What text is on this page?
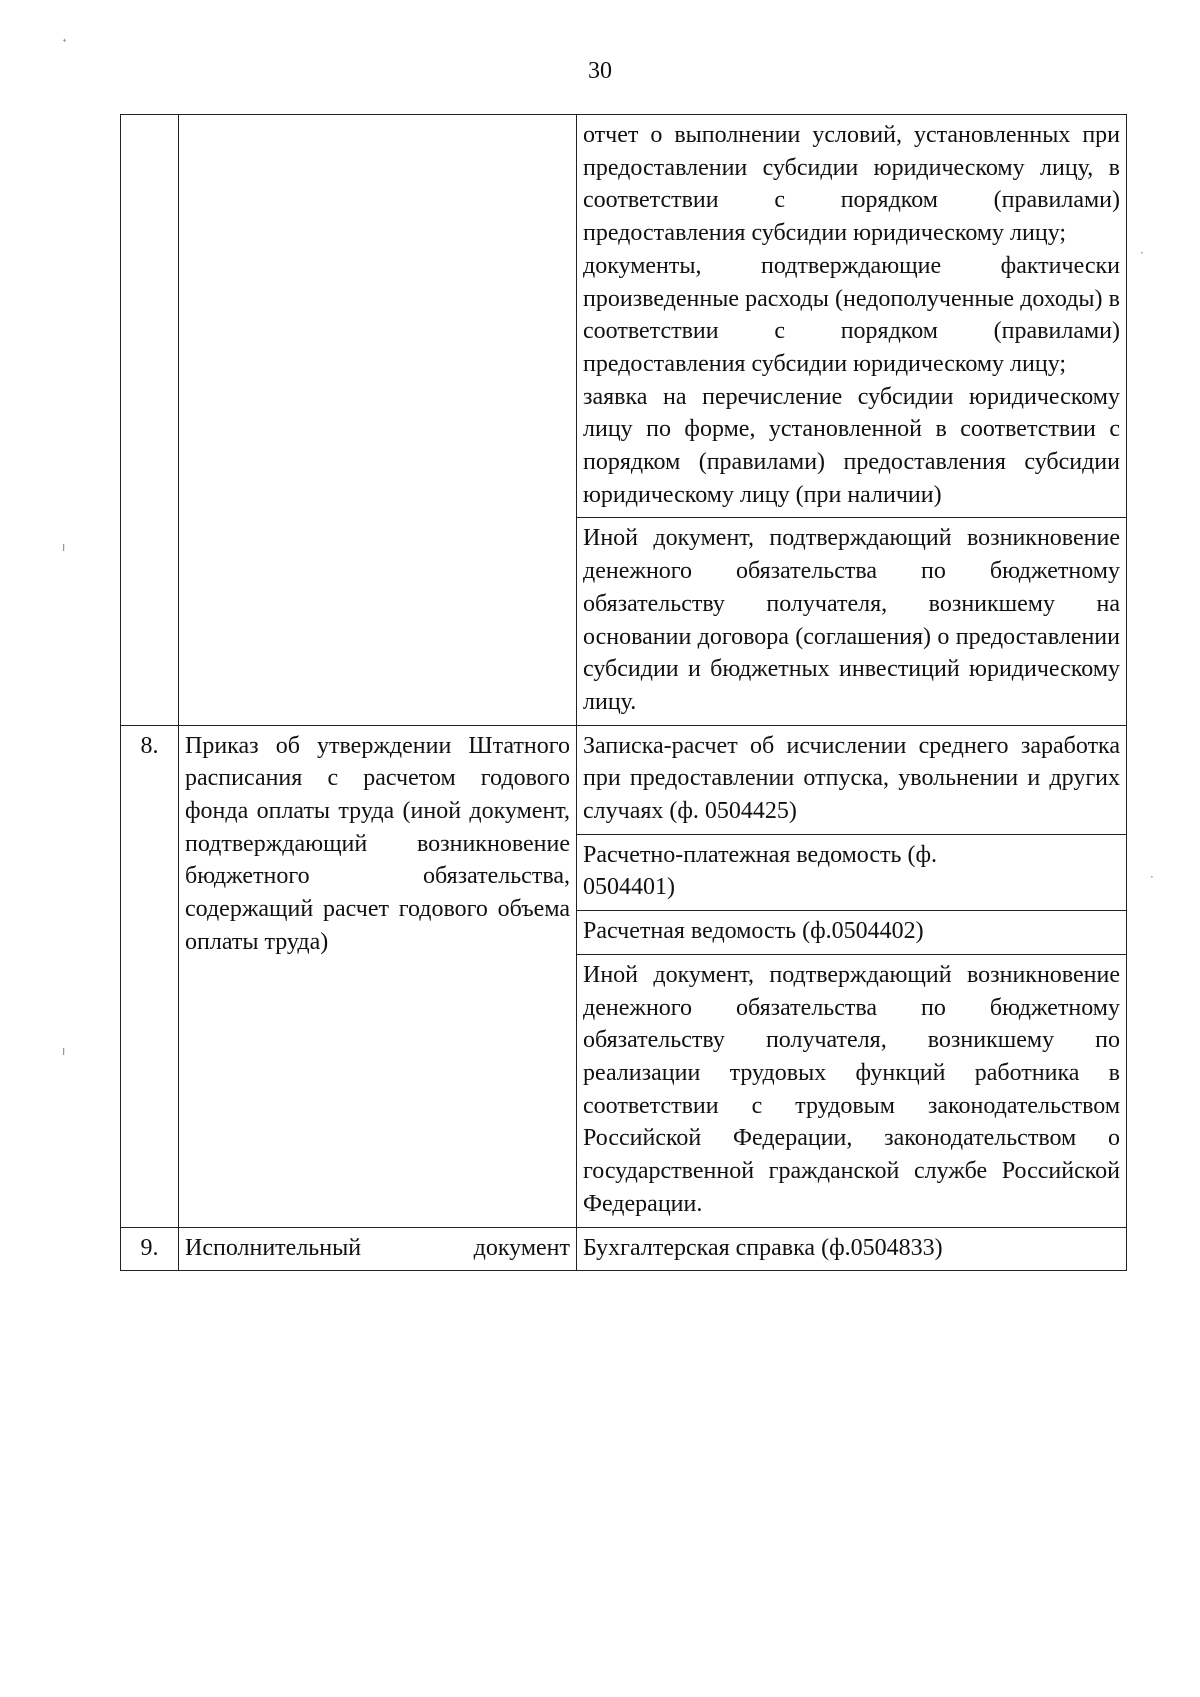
30
ᐩ
ı
ı
·
·

		отчет о выполнении условий, установленных при предоставлении субсидии юридическому лицу, в соответствии с порядком (правилами) предоставления субсидии юридическому лицу;
документы, подтверждающие фактически произведенные расходы (недополученные доходы) в соответствии с порядком (правилами) предоставления субсидии юридическому лицу;
заявка на перечисление субсидии юридическому лицу по форме, установленной в соответствии с порядком (правилами) предоставления субсидии юридическому лицу (при наличии)

		Иной документ, подтверждающий возникновение денежного обязательства по бюджетному обязательству получателя, возникшему на основании договора (соглашения) о предоставлении субсидии и бюджетных инвестиций юридическому лицу.

8.	Приказ об утверждении Штатного расписания с расчетом годового фонда оплаты труда (иной документ, подтверждающий возникновение бюджетного обязательства, содержащий расчет годового объема оплаты труда)	Записка-расчет об исчислении среднего заработка при предоставлении отпуска, увольнении и других случаях (ф. 0504425)
		Расчетно-платежная ведомость (ф. 0504401)
		Расчетная ведомость (ф.0504402)
		Иной документ, подтверждающий возникновение денежного обязательства по бюджетному обязательству получателя, возникшему по реализации трудовых функций работника в соответствии с трудовым законодательством Российской Федерации, законодательством о государственной гражданской службе Российской Федерации.
9.	Исполнительный документ	Бухгалтерская справка (ф.0504833)
